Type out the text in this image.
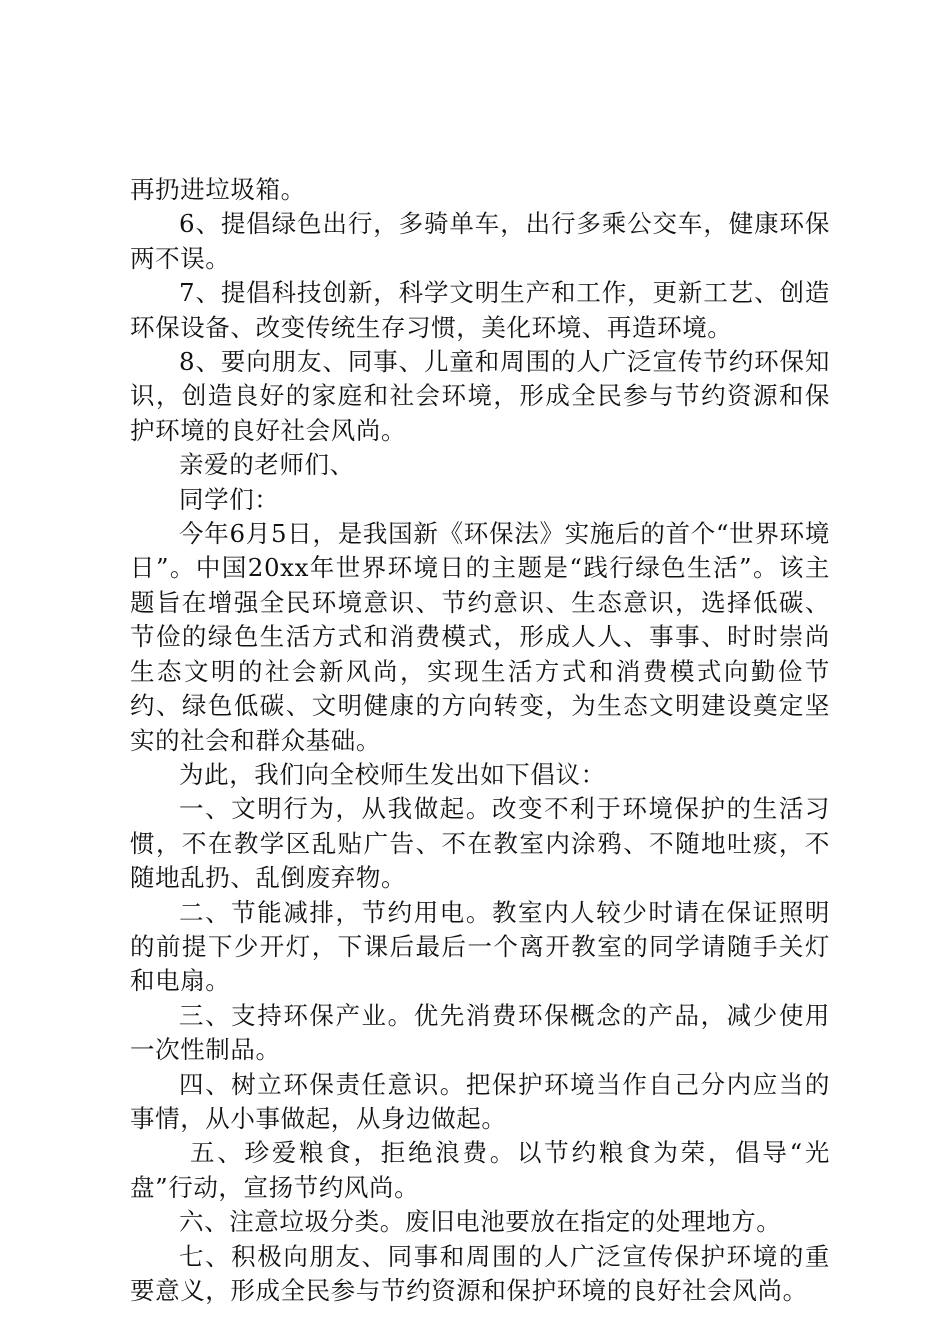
再扔进垃圾箱。

6、提倡绿色出行，多骑单车，出行多乘公交车，健康环保两不误。

7、提倡科技创新，科学文明生产和工作，更新工艺、创造环保设备、改变传统生存习惯，美化环境、再造环境。

8、要向朋友、同事、儿童和周围的人广泛宣传节约环保知识，创造良好的家庭和社会环境，形成全民参与节约资源和保护环境的良好社会风尚。

亲爱的老师们、

同学们：

今年6月5日，是我国新《环保法》实施后的首个“世界环境日”。中国20xx年世界环境日的主题是“践行绿色生活”。该主题旨在增强全民环境意识、节约意识、生态意识，选择低碳、节俭的绿色生活方式和消费模式，形成人人、事事、时时崇尚生态文明的社会新风尚，实现生活方式和消费模式向勤俭节约、绿色低碳、文明健康的方向转变，为生态文明建设奠定坚实的社会和群众基础。

为此，我们向全校师生发出如下倡议：

一、文明行为，从我做起。改变不利于环境保护的生活习惯，不在教学区乱贴广告、不在教室内涂鸦、不随地吐痰，不随地乱扔、乱倒废弃物。

二、节能减排，节约用电。教室内人较少时请在保证照明的前提下少开灯，下课后最后一个离开教室的同学请随手关灯和电扇。

三、支持环保产业。优先消费环保概念的产品，减少使用一次性制品。

四、树立环保责任意识。把保护环境当作自己分内应当的事情，从小事做起，从身边做起。

五、珍爱粮食，拒绝浪费。以节约粮食为荣，倡导“光盘”行动，宣扬节约风尚。

六、注意垃圾分类。废旧电池要放在指定的处理地方。

七、积极向朋友、同事和周围的人广泛宣传保护环境的重要意义，形成全民参与节约资源和保护环境的良好社会风尚。
